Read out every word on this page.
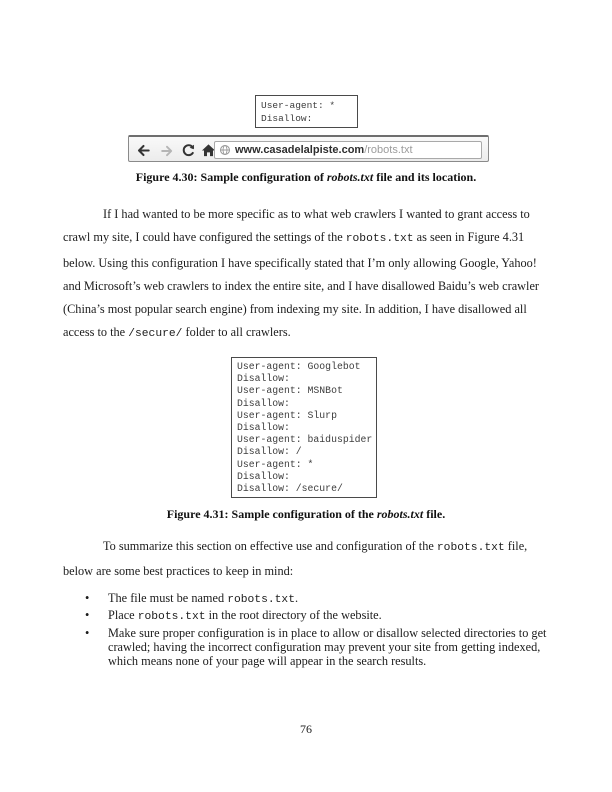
User-agent: *
Disallow:
www.casadelalpiste.com /robots.txt
Figure 4.30: Sample configuration of robots.txt file and its location.
If I had wanted to be more specific as to what web crawlers I wanted to grant access to
crawl my site, I could have configured the settings of the robots.txt as seen in Figure 4.31
below. Using this configuration I have specifically stated that I’m only allowing Google, Yahoo!
and Microsoft’s web crawlers to index the entire site, and I have disallowed Baidu’s web crawler
(China’s most popular search engine) from indexing my site. In addition, I have disallowed all
access to the /secure/ folder to all crawlers.
User-agent: Googlebot
Disallow:
User-agent: MSNBot
Disallow:
User-agent: Slurp
Disallow:
User-agent: baiduspider
Disallow: /
User-agent: *
Disallow:
Disallow: /secure/
Figure 4.31: Sample configuration of the robots.txt file.
To summarize this section on effective use and configuration of the robots.txt file,
below are some best practices to keep in mind:
•	The file must be named robots.txt.
•	Place robots.txt in the root directory of the website.
•	Make sure proper configuration is in place to allow or disallow selected directories to get
crawled; having the incorrect configuration may prevent your site from getting indexed,
which means none of your page will appear in the search results.
76
